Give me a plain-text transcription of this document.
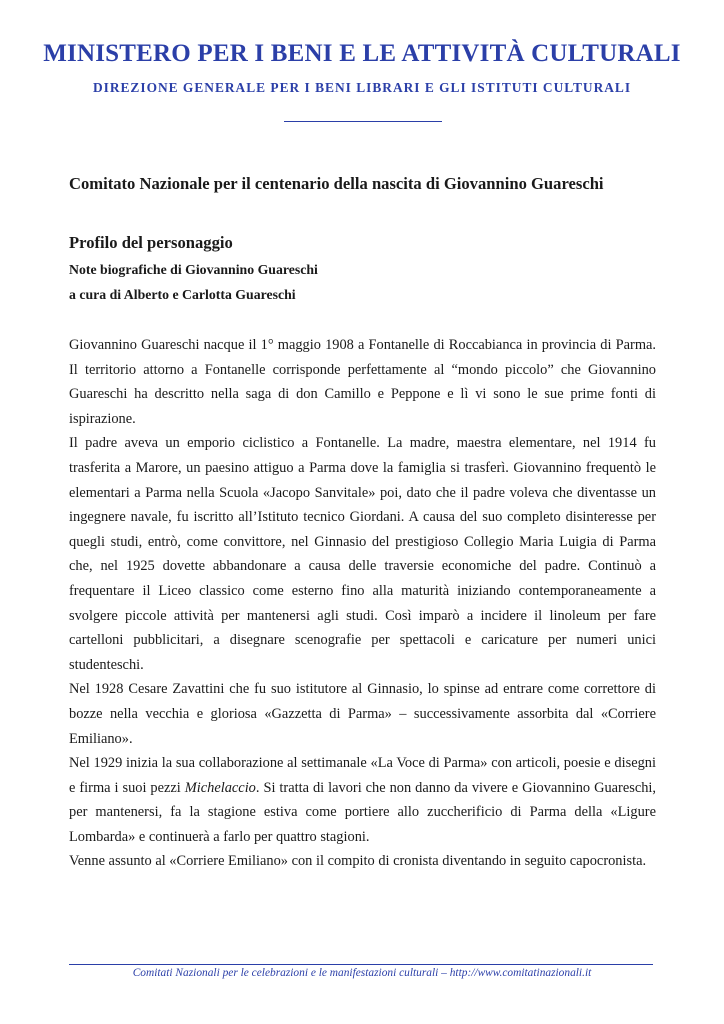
MINISTERO PER I BENI E LE ATTIVITÀ CULTURALI
DIREZIONE GENERALE PER I BENI LIBRARI E GLI ISTITUTI CULTURALI
Comitato Nazionale per il centenario della nascita di Giovannino Guareschi
Profilo del personaggio
Note biografiche di Giovannino Guareschi
a cura di Alberto e Carlotta Guareschi

Giovannino Guareschi nacque il 1° maggio 1908 a Fontanelle di Roccabianca in provincia di Parma. Il territorio attorno a Fontanelle corrisponde perfettamente al “mondo piccolo” che Giovannino Guareschi ha descritto nella saga di don Camillo e Peppone e lì vi sono le sue prime fonti di ispirazione.

Il padre aveva un emporio ciclistico a Fontanelle. La madre, maestra elementare, nel 1914 fu trasferita a Marore, un paesino attiguo a Parma dove la famiglia si trasferì. Giovannino frequentò le elementari a Parma nella Scuola «Jacopo Sanvitale» poi, dato che il padre voleva che diventasse un ingegnere navale, fu iscritto all’Istituto tecnico Giordani. A causa del suo completo disinteresse per quegli studi, entrò, come convittore, nel Ginnasio del prestigioso Collegio Maria Luigia di Parma che, nel 1925 dovette abbandonare a causa delle traversie economiche del padre. Continuò a frequentare il Liceo classico come esterno fino alla maturità iniziando contemporaneamente a svolgere piccole attività per mantenersi agli studi. Così imparò a incidere il linoleum per fare cartelloni pubblicitari, a disegnare scenografie per spettacoli e caricature per numeri unici studenteschi.

Nel 1928 Cesare Zavattini che fu suo istitutore al Ginnasio, lo spinse ad entrare come correttore di bozze nella vecchia e gloriosa «Gazzetta di Parma» – successivamente assorbita dal «Corriere Emiliano».

Nel 1929 inizia la sua collaborazione al settimanale «La Voce di Parma» con articoli, poesie e disegni e firma i suoi pezzi Michelaccio. Si tratta di lavori che non danno da vivere e Giovannino Guareschi, per mantenersi, fa la stagione estiva come portiere allo zuccherificio di Parma della «Ligure Lombarda» e continuerà a farlo per quattro stagioni.

Venne assunto al «Corriere Emiliano» con il compito di cronista diventando in seguito capocronista.

Comitati Nazionali per le celebrazioni e le manifestazioni culturali – http://www.comitatinazionali.it
